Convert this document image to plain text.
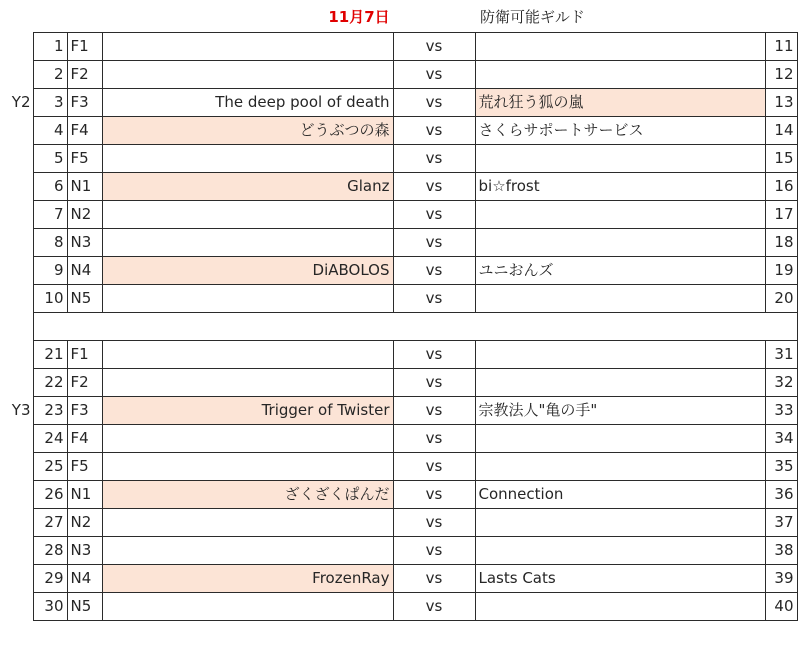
11月7日	防衛可能ギルド
	1	F1		vs		11	
	2	F2		vs		12	
Y2	3	F3	The deep pool of death	vs	荒れ狂う狐の嵐	13	
	4	F4	どうぶつの森	vs	さくらサポートサービス	14	
	5	F5		vs		15	
	6	N1	Glanz	vs	bi☆frost	16	
	7	N2		vs		17	
	8	N3		vs		18	
	9	N4	DiABOLOS	vs	ユニおんズ	19	
	10	N5		vs		20	

	21	F1		vs		31	
	22	F2		vs		32	
Y3	23	F3	Trigger of Twister	vs	宗教法人"亀の手"	33	
	24	F4		vs		34	
	25	F5		vs		35	
	26	N1	ざくざくぱんだ	vs	Connection	36	
	27	N2		vs		37	
	28	N3		vs		38	
	29	N4	FrozenRay	vs	Lasts Cats	39	
	30	N5		vs		40	
